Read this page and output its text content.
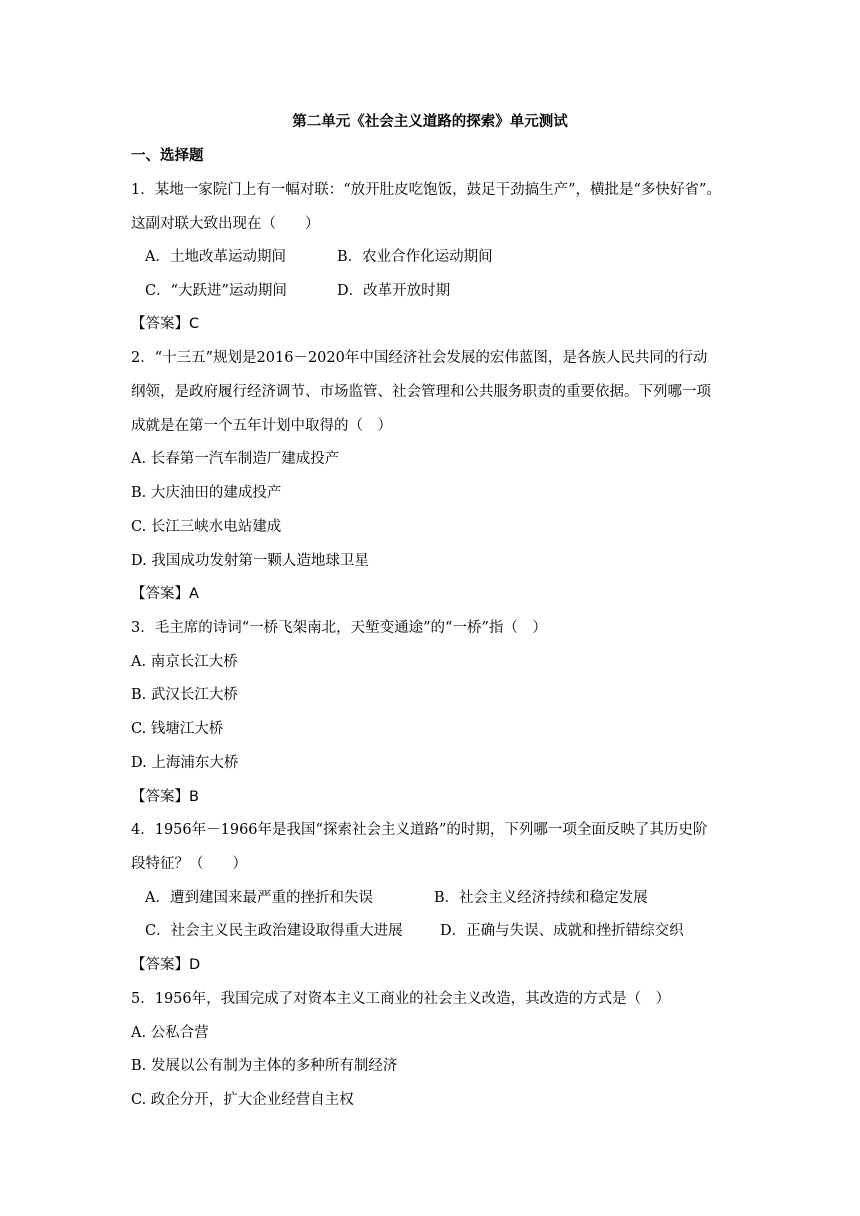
第二单元《社会主义道路的探索》单元测试
一、选择题
1．某地一家院门上有一幅对联：“放开肚皮吃饱饭，鼓足干劲搞生产”，横批是“多快好省”。
这副对联大致出现在（　　）
A．土地改革运动期间	B．农业合作化运动期间
C．“大跃进”运动期间	D．改革开放时期
【答案】C
2．“十三五”规划是2016－2020年中国经济社会发展的宏伟蓝图，是各族人民共同的行动
纲领，是政府履行经济调节、市场监管、社会管理和公共服务职责的重要依据。下列哪一项
成就是在第一个五年计划中取得的（　）
A. 长春第一汽车制造厂建成投产
B. 大庆油田的建成投产
C. 长江三峡水电站建成
D. 我国成功发射第一颗人造地球卫星
【答案】A
3．毛主席的诗词“一桥飞架南北，天堑变通途”的“一桥”指（　）
A. 南京长江大桥
B. 武汉长江大桥
C. 钱塘江大桥
D. 上海浦东大桥
【答案】B
4．1956年－1966年是我国“探索社会主义道路”的时期，下列哪一项全面反映了其历史阶
段特征？（　　）
A．遭到建国来最严重的挫折和失误	B．社会主义经济持续和稳定发展
C．社会主义民主政治建设取得重大进展	D．正确与失误、成就和挫折错综交织
【答案】D
5．1956年，我国完成了对资本主义工商业的社会主义改造，其改造的方式是（　）
A. 公私合营
B. 发展以公有制为主体的多种所有制经济
C. 政企分开，扩大企业经营自主权
